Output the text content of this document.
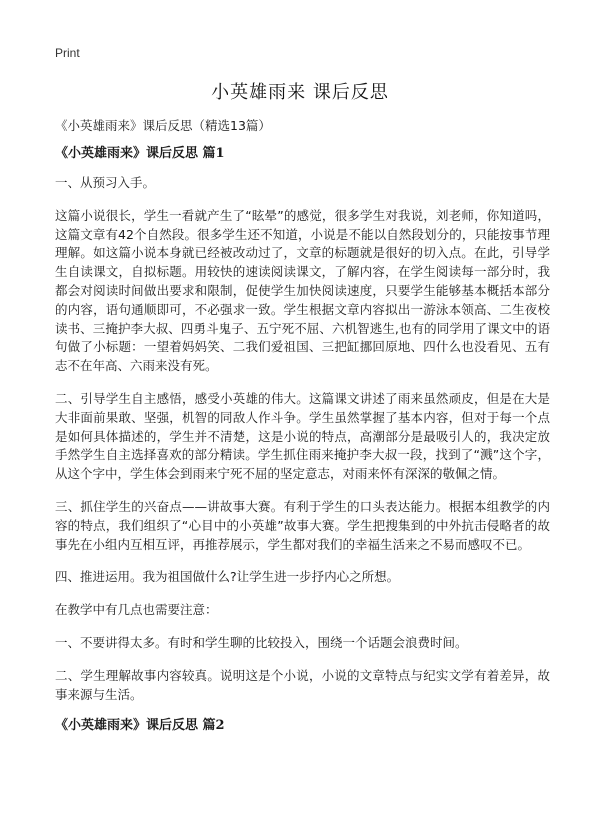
Print
小英雄雨来 课后反思

《小英雄雨来》课后反思（精选13篇）

《小英雄雨来》课后反思 篇1

一、从预习入手。

这篇小说很长，学生一看就产生了“眩晕”的感觉，很多学生对我说，刘老师，你知道吗，这篇文章有42个自然段。很多学生还不知道，小说是不能以自然段划分的，只能按事节理理解。如这篇小说本身就已经被改动过了，文章的标题就是很好的切入点。在此，引导学生自读课文，自拟标题。用较快的速读阅读课文，了解内容，在学生阅读每一部分时，我都会对阅读时间做出要求和限制，促使学生加快阅读速度，只要学生能够基本概括本部分的内容，语句通顺即可，不必强求一致。学生根据文章内容拟出一游泳本领高、二生夜校读书、三掩护李大叔、四勇斗鬼子、五宁死不屈、六机智逃生,也有的同学用了课文中的语句做了小标题：一望着妈妈笑、二我们爱祖国、三把缸挪回原地、四什么也没看见、五有志不在年高、六雨来没有死。

二、引导学生自主感悟，感受小英雄的伟大。这篇课文讲述了雨来虽然顽皮，但是在大是大非面前果敢、坚强，机智的同敌人作斗争。学生虽然掌握了基本内容，但对于每一个点是如何具体描述的，学生并不清楚，这是小说的特点，高潮部分是最吸引人的，我决定放手然学生自主选择喜欢的部分精读。学生抓住雨来掩护李大叔一段，找到了“溅”这个字，从这个字中，学生体会到雨来宁死不屈的坚定意志，对雨来怀有深深的敬佩之情。

三、抓住学生的兴奋点——讲故事大赛。有利于学生的口头表达能力。根据本组教学的内容的特点，我们组织了“心目中的小英雄”故事大赛。学生把搜集到的中外抗击侵略者的故事先在小组内互相互评，再推荐展示，学生都对我们的幸福生活来之不易而感叹不已。

四、推进运用。我为祖国做什么?让学生进一步抒内心之所想。

在教学中有几点也需要注意：

一、不要讲得太多。有时和学生聊的比较投入，围绕一个话题会浪费时间。

二、学生理解故事内容较真。说明这是个小说，小说的文章特点与纪实文学有着差异，故事来源与生活。

《小英雄雨来》课后反思 篇2
